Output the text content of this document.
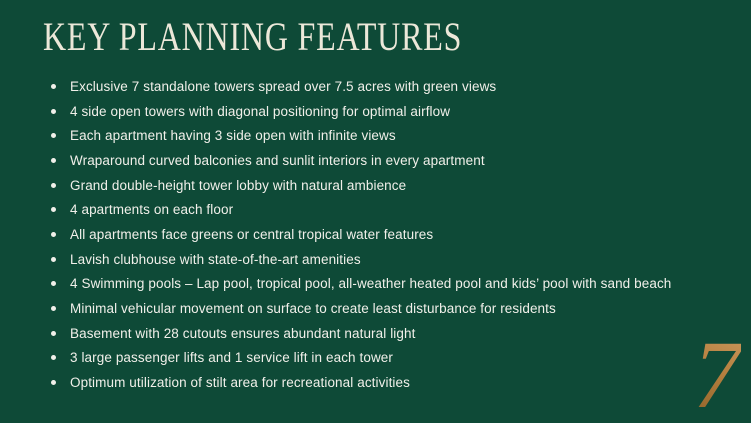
KEY PLANNING FEATURES
Exclusive 7 standalone towers spread over 7.5 acres with green views
4 side open towers with diagonal positioning for optimal airflow
Each apartment having 3 side open with infinite views
Wraparound curved balconies and sunlit interiors in every apartment
Grand double-height tower lobby with natural ambience
4 apartments on each floor
All apartments face greens or central tropical water features
Lavish clubhouse with state-of-the-art amenities
4 Swimming pools – Lap pool, tropical pool, all-weather heated pool and kids’ pool with sand beach
Minimal vehicular movement on surface to create least disturbance for residents
Basement with 28 cutouts ensures abundant natural light
3 large passenger lifts and 1 service lift in each tower
Optimum utilization of stilt area for recreational activities	7
